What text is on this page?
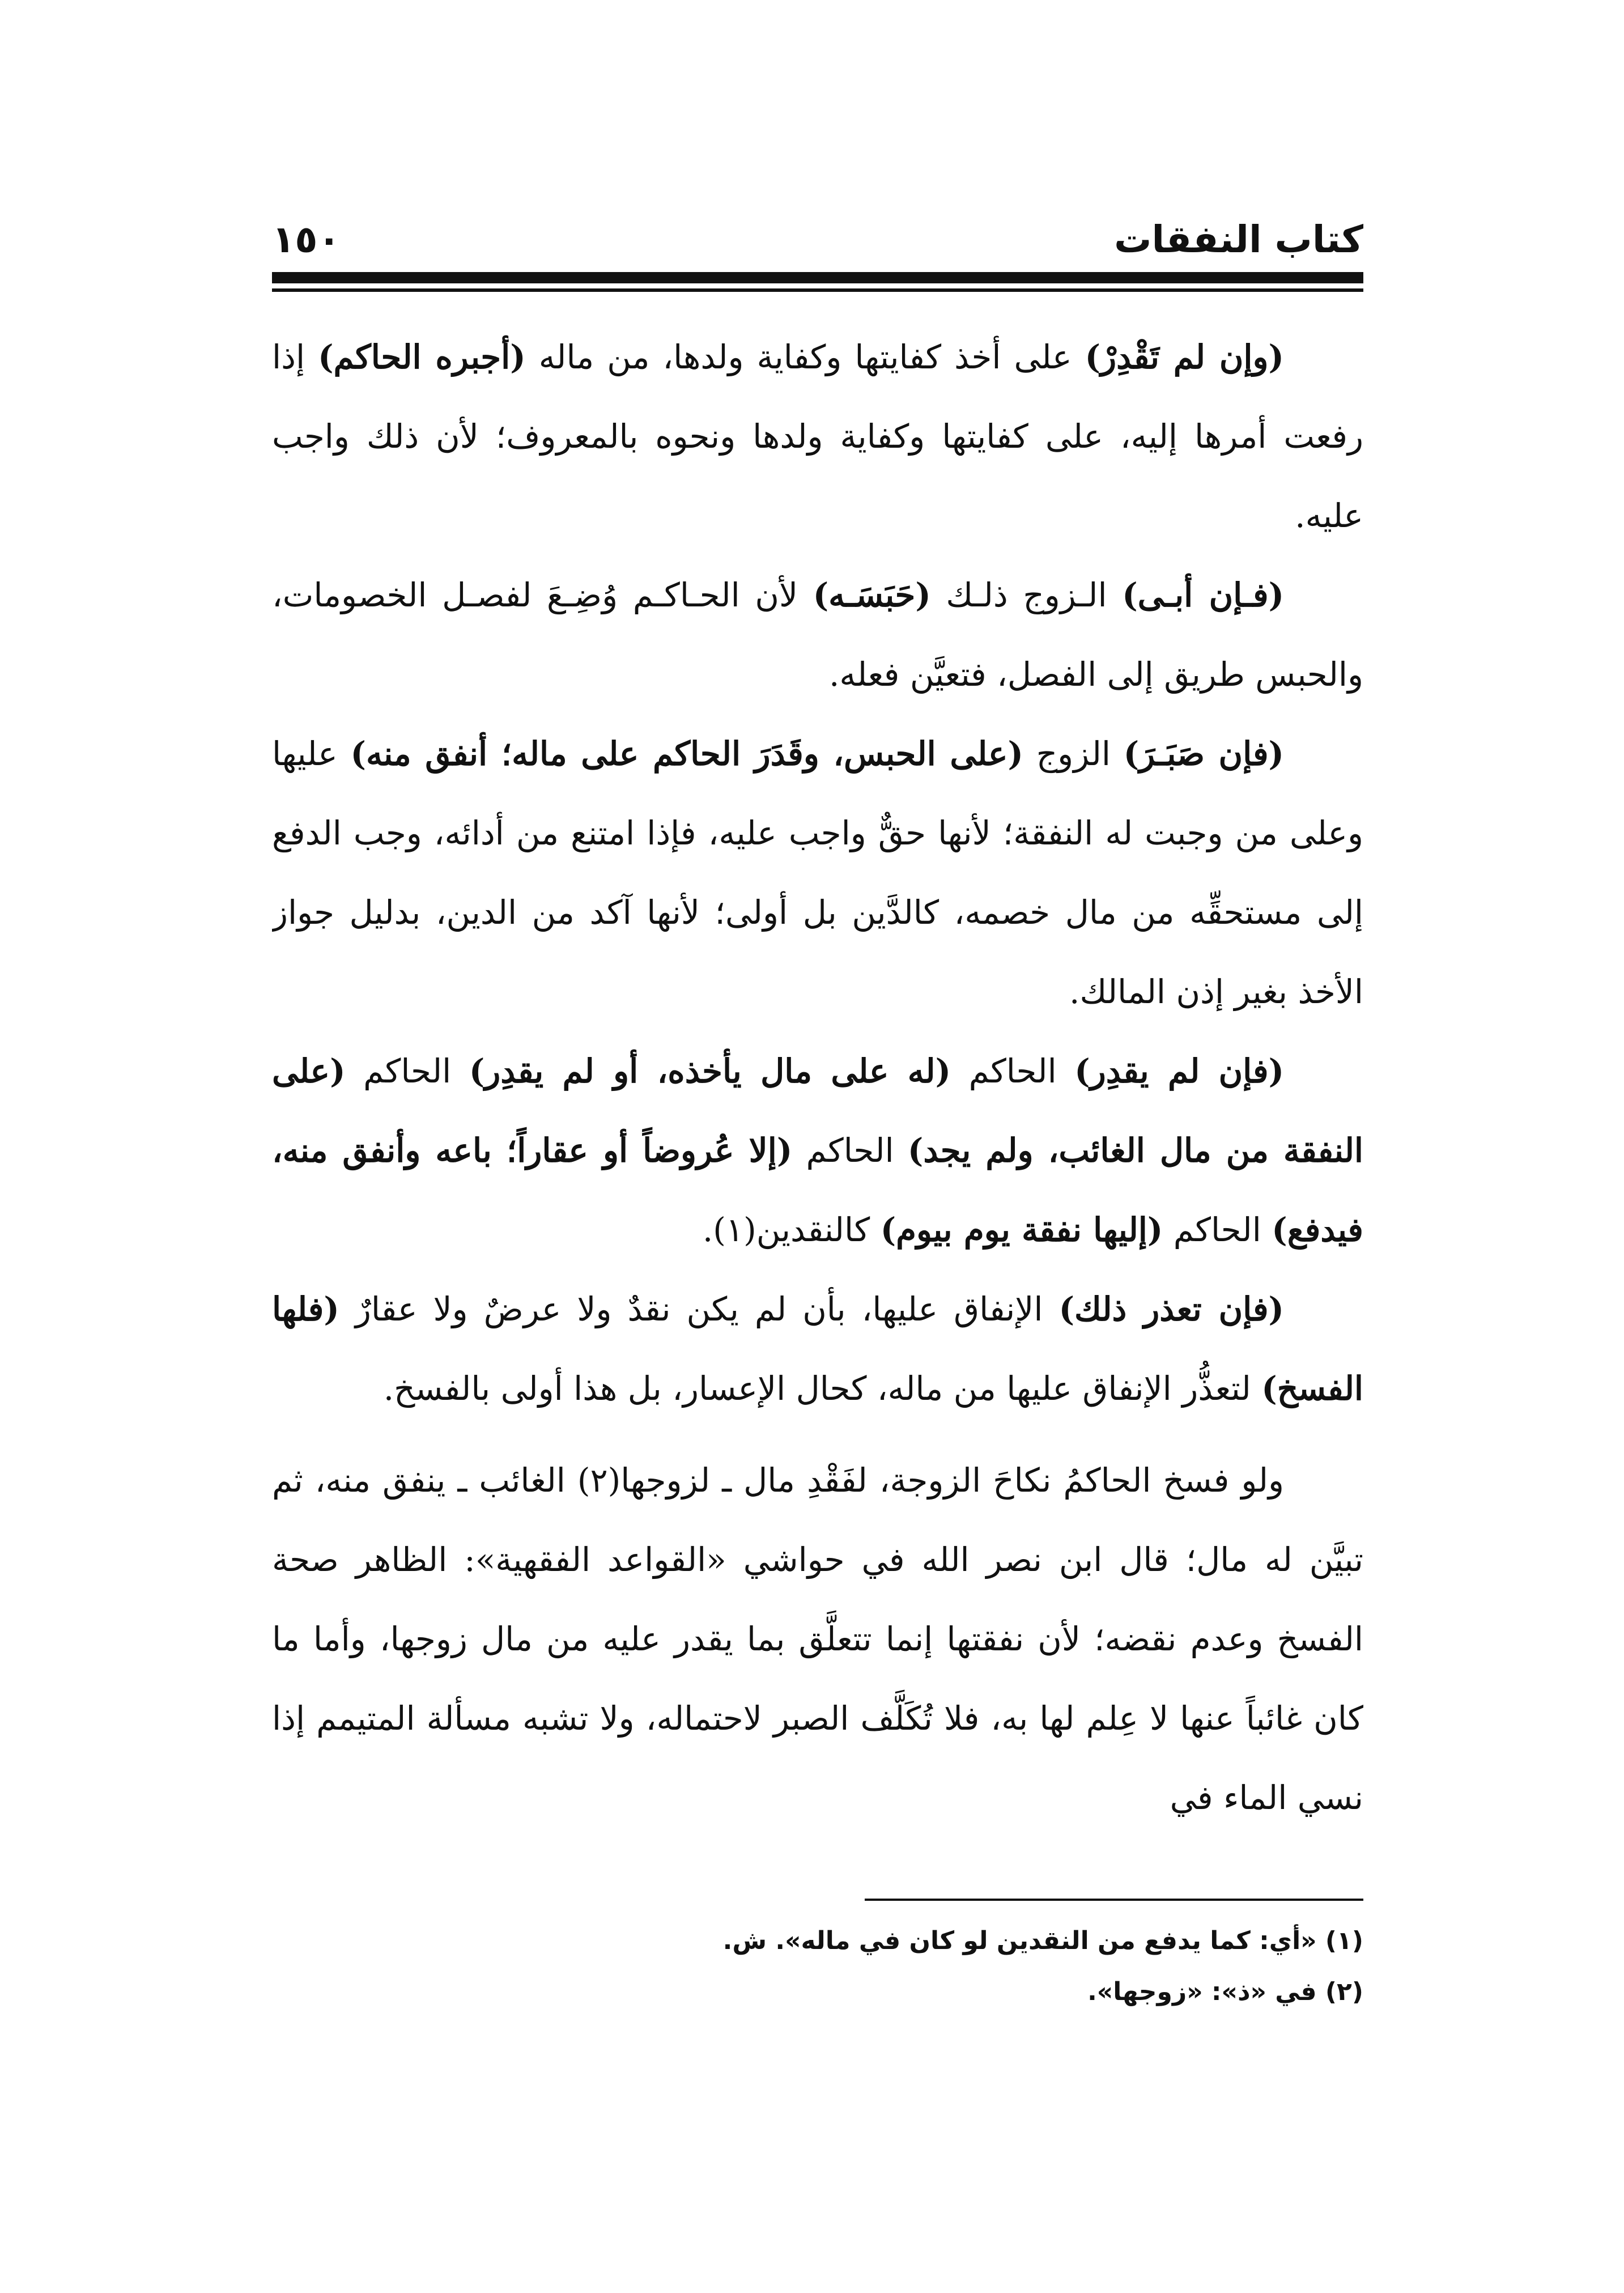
كتاب النفقات
١٥٠

(وإن لم تَقْدِرْ) على أخذ كفايتها وكفاية ولدها، من ماله (أجبره الحاكم) إذا رفعت أمرها إليه، على كفايتها وكفاية ولدها ونحوه بالمعروف؛ لأن ذلك واجب عليه.

(فـإن أبـى) الـزوج ذلـك (حَبَسَـه) لأن الحـاكـم وُضِـعَ لفصـل الخصومات، والحبس طريق إلى الفصل، فتعيَّن فعله.

(فإن صَبَـرَ) الزوج (على الحبس، وقَدَرَ الحاكم على ماله؛ أنفق منه) عليها وعلى من وجبت له النفقة؛ لأنها حقٌّ واجب عليه، فإذا امتنع من أدائه، وجب الدفع إلى مستحقِّه من مال خصمه، كالدَّين بل أولى؛ لأنها آكد من الدين، بدليل جواز الأخذ بغير إذن المالك.

(فإن لم يقدِر) الحاكم (له على مال يأخذه، أو لم يقدِر) الحاكم (على النفقة من مال الغائب، ولم يجد) الحاكم (إلا عُروضاً أو عقاراً؛ باعه وأنفق منه، فيدفع) الحاكم (إليها نفقة يوم بيوم) كالنقدين(١).

(فإن تعذر ذلك) الإنفاق عليها، بأن لم يكن نقدٌ ولا عرضٌ ولا عقارٌ (فلها الفسخ) لتعذُّر الإنفاق عليها من ماله، كحال الإعسار، بل هذا أولى بالفسخ.

ولو فسخ الحاكمُ نكاحَ الزوجة، لفَقْدِ مال ـ لزوجها(٢) الغائب ـ ينفق منه، ثم تبيَّن له مال؛ قال ابن نصر الله في حواشي «القواعد الفقهية»: الظاهر صحة الفسخ وعدم نقضه؛ لأن نفقتها إنما تتعلَّق بما يقدر عليه من مال زوجها، وأما ما كان غائباً عنها لا عِلم لها به، فلا تُكَلَّف الصبر لاحتماله، ولا تشبه مسألة المتيمم إذا نسي الماء في

(١) «أي: كما يدفع من النقدين لو كان في ماله». ش.
(٢) في «ذ»: «زوجها».
